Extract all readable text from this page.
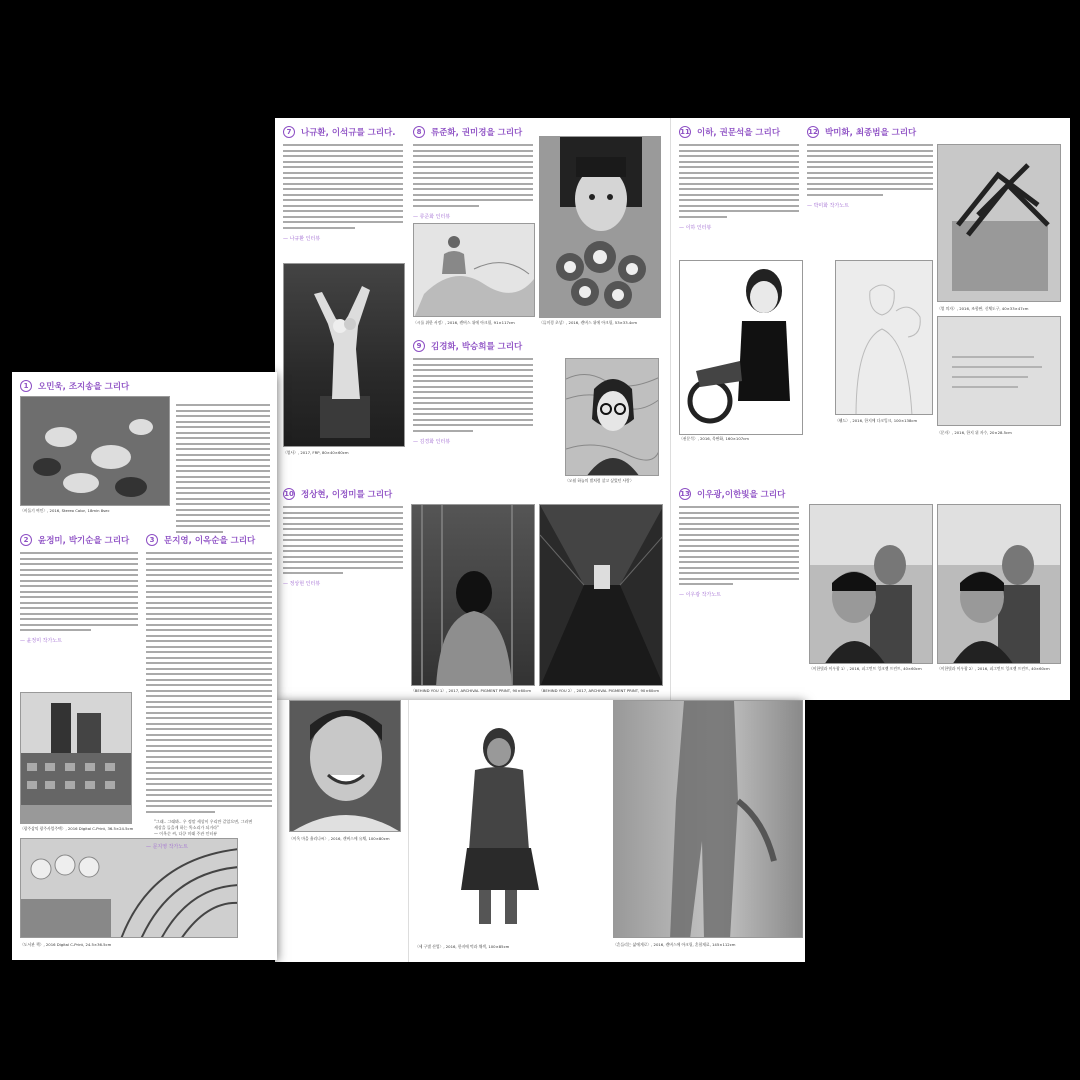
7	나규환, 이석규를 그리다.
— 나규환 인터뷰
〈열사〉, 2017, FRP, 80×40×60cm
8	류준화, 권미경을 그리다
— 류준화 인터뷰
〈시를 위한 서정〉, 2016, 캔버스 위에 아크릴, 91×117cm	〈류미경 초상〉, 2016, 캔버스 위에 아크릴, 53×33.4cm
9	김경화, 박승희를 그리다
— 김경화 인터뷰
〈오월 하늘의 별처럼 살고 싶었던 사람〉
10 정상현, 이정미를 그리다
— 정상현 인터뷰
〈BEHIND YOU 1〉, 2017, ARCHIVAL PIGMENT PRINT, 90×60cm	〈BEHIND YOU 2〉, 2017, ARCHIVAL PIGMENT PRINT, 90×60cm
11 이하, 권문석을 그리다
— 이하 인터뷰
〈권문석〉, 2016, 목판화, 160×107cm
12 박미화, 최종범을 그리다
— 박미화 작가노트
〈열 의자〉, 2016, 조합판, 신체도구, 40×33×47cm
〈웰드〉, 2016, 한지에 다크잉크, 100×138cm
〈문자〉, 2016, 한지 위 자수, 20×28.5cm
13 이우광,이한빛을 그리다
— 이우광 작가노트
〈이한빛과 이우광 1〉, 2016, 피그먼트 잉크젯 프린트, 40×60cm	〈이한빛과 이우광 2〉, 2016, 피그먼트 잉크젯 프린트, 40×60cm
〈이옥 마을 율리나씨〉, 2016, 캔버스에 유채, 100×80cm
〈세 구별 산업〉, 2016, 한지에 먹과 채색, 100×85cm	〈흔들리는 삶에게로〉, 2016, 캔버스에 아크릴, 혼합재료, 145×112cm
1	오민욱, 조지송을 그리다
〈비둘기 여인〉, 2016, Stereo Color, 18min 8sec
2	윤정미, 박기순을 그리다
— 윤정미 작가노트
〈광주삼익 광주사업주택〉, 2016 Digital C-Print, 36.5×24.5cm
〈도서관 책〉, 2016 Digital C-Print, 24.5×36.5cm
3	문지영, 이옥순을 그리다
"그래.. 그래봐.. 우 정말 세상이 우리만 같았으면, 그러면
세상을 들을게 하는 똑소리가 되거라"
— 이옥순 씨, 다큐 미래 주관 인터뷰
— 문지영 작가노트
